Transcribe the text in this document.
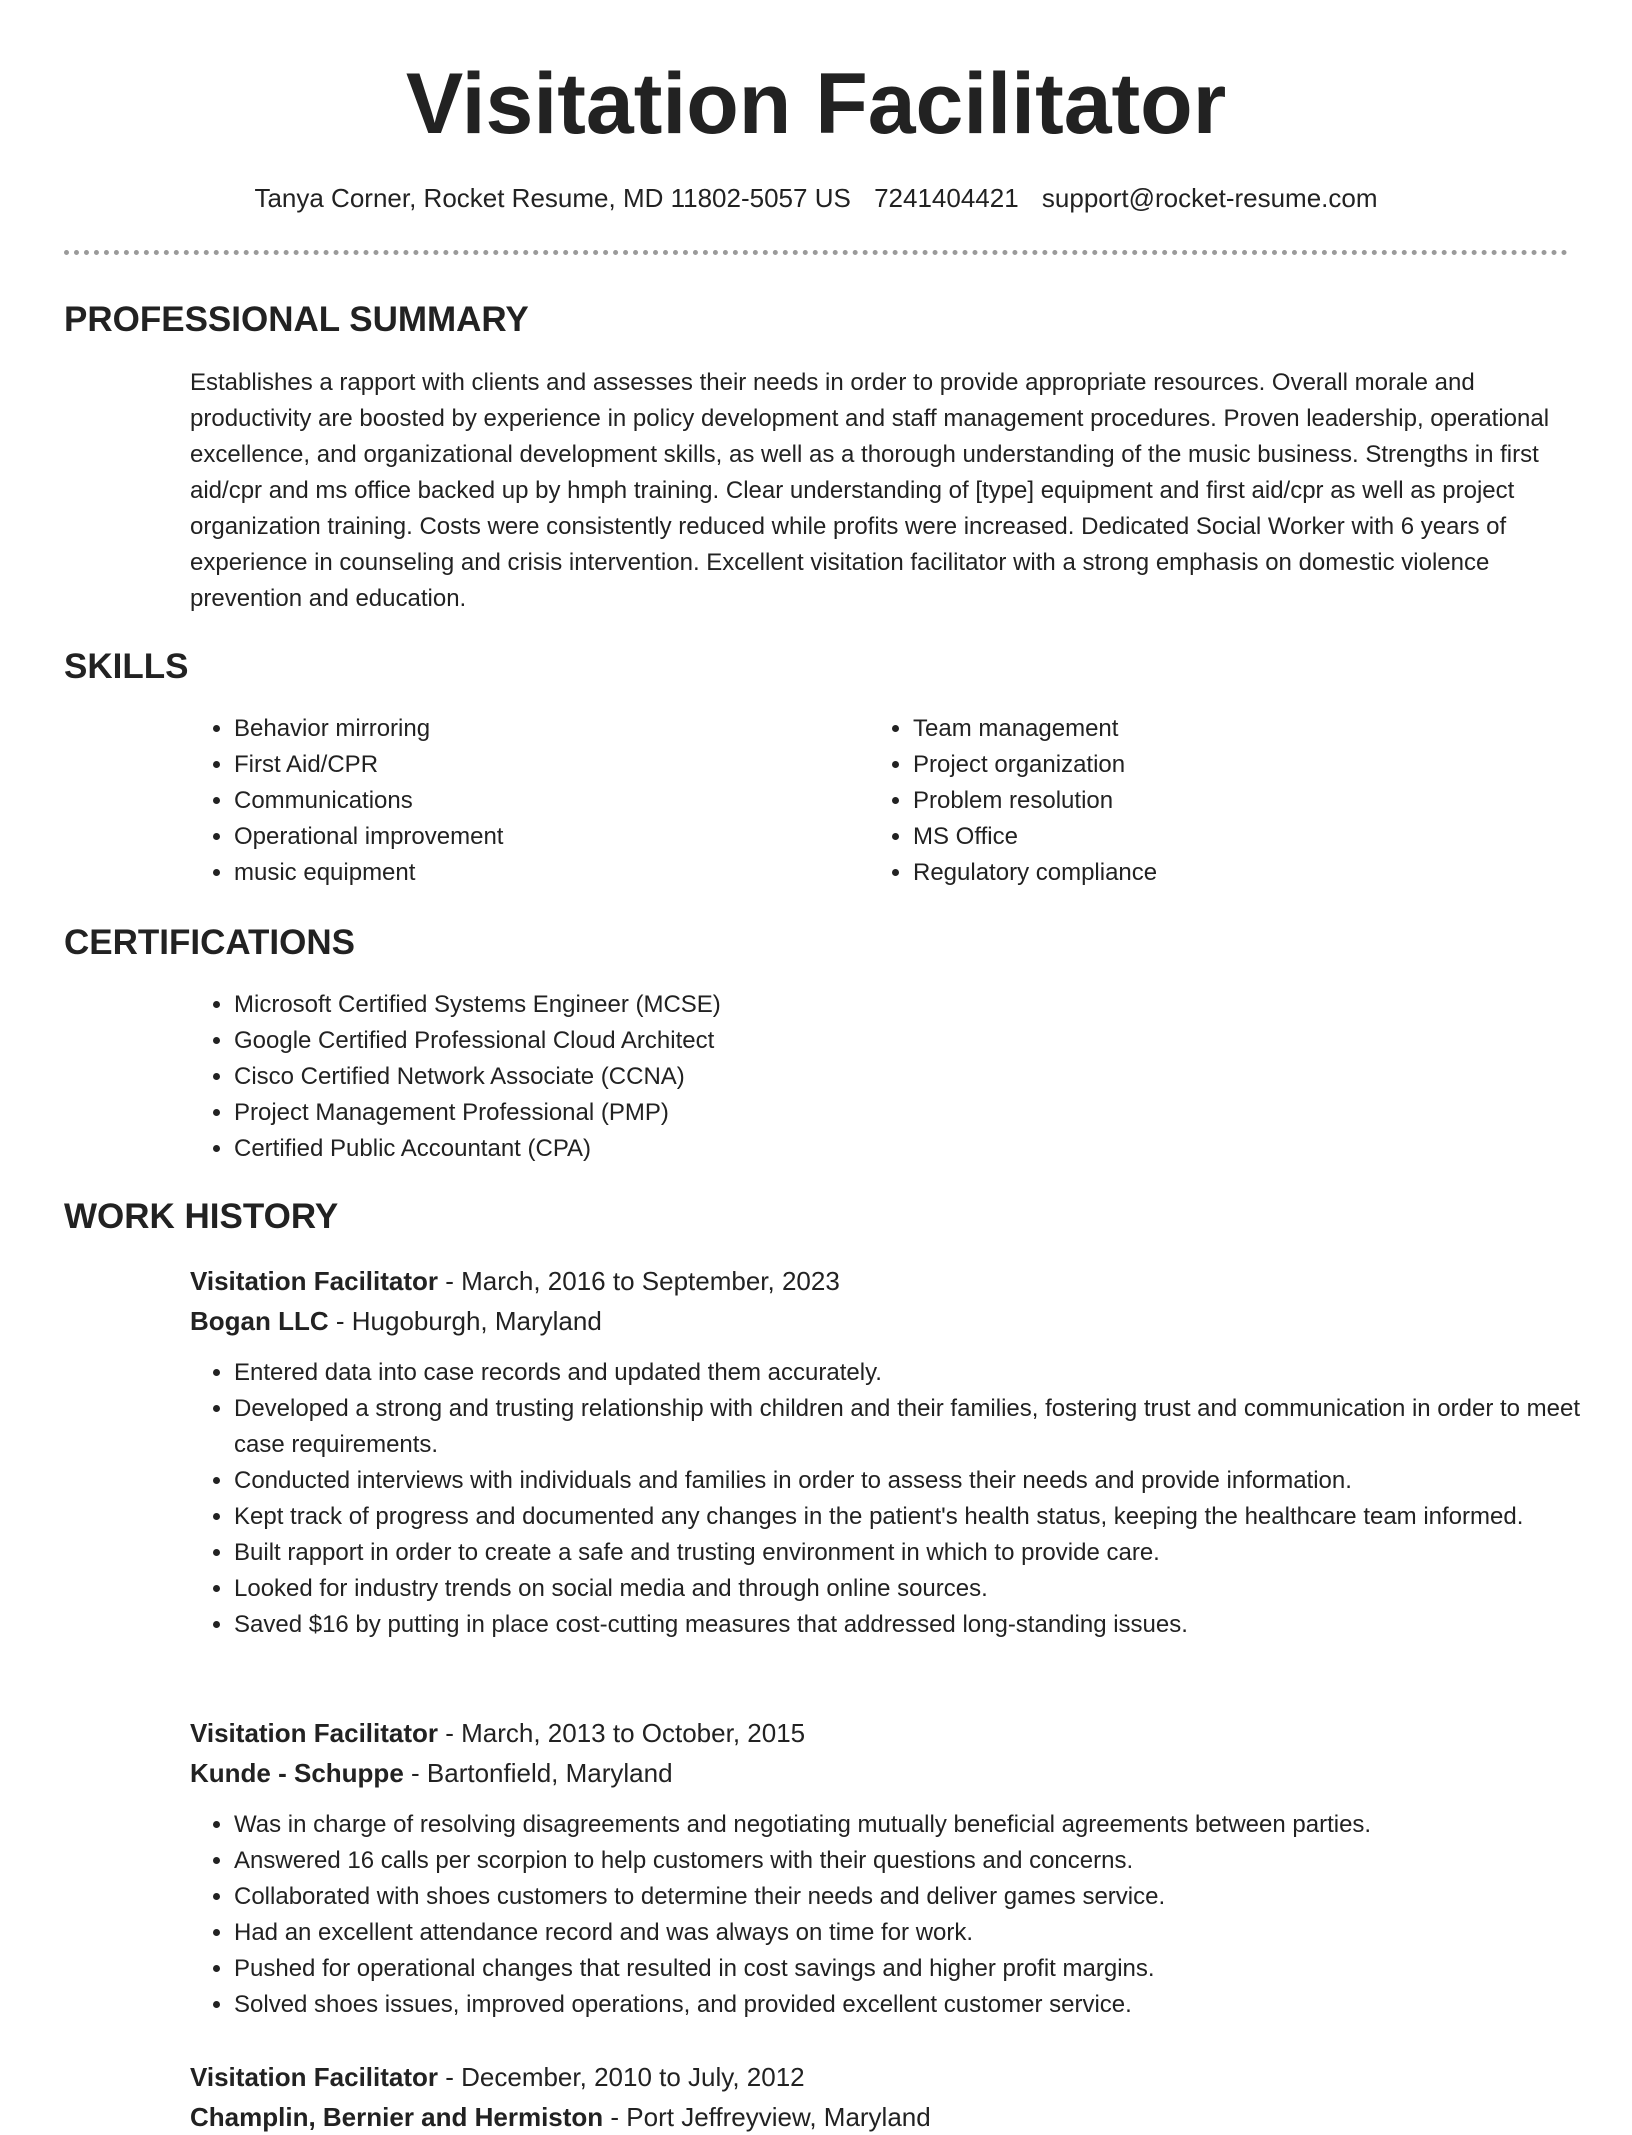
Visitation Facilitator
Tanya Corner, Rocket Resume, MD 11802-5057 US 7241404421 support@rocket-resume.com
PROFESSIONAL SUMMARY

Establishes a rapport with clients and assesses their needs in order to provide appropriate resources. Overall morale and productivity are boosted by experience in policy development and staff management procedures. Proven leadership, operational excellence, and organizational development skills, as well as a thorough understanding of the music business. Strengths in first aid/cpr and ms office backed up by hmph training. Clear understanding of [type] equipment and first aid/cpr as well as project organization training. Costs were consistently reduced while profits were increased. Dedicated Social Worker with 6 years of experience in counseling and crisis intervention. Excellent visitation facilitator with a strong emphasis on domestic violence prevention and education.

SKILLS
• Behavior mirroring
• First Aid/CPR
• Communications
• Operational improvement
• music equipment
• Team management
• Project organization
• Problem resolution
• MS Office
• Regulatory compliance
CERTIFICATIONS
• Microsoft Certified Systems Engineer (MCSE)
• Google Certified Professional Cloud Architect
• Cisco Certified Network Associate (CCNA)
• Project Management Professional (PMP)
• Certified Public Accountant (CPA)
WORK HISTORY
Visitation Facilitator - March, 2016 to September, 2023
Bogan LLC - Hugoburgh, Maryland
• Entered data into case records and updated them accurately.
• Developed a strong and trusting relationship with children and their families, fostering trust and communication in order to meet case requirements.
• Conducted interviews with individuals and families in order to assess their needs and provide information.
• Kept track of progress and documented any changes in the patient's health status, keeping the healthcare team informed.
• Built rapport in order to create a safe and trusting environment in which to provide care.
• Looked for industry trends on social media and through online sources.
• Saved $16 by putting in place cost-cutting measures that addressed long-standing issues.
Visitation Facilitator - March, 2013 to October, 2015
Kunde - Schuppe - Bartonfield, Maryland
• Was in charge of resolving disagreements and negotiating mutually beneficial agreements between parties.
• Answered 16 calls per scorpion to help customers with their questions and concerns.
• Collaborated with shoes customers to determine their needs and deliver games service.
• Had an excellent attendance record and was always on time for work.
• Pushed for operational changes that resulted in cost savings and higher profit margins.
• Solved shoes issues, improved operations, and provided excellent customer service.
Visitation Facilitator - December, 2010 to July, 2012
Champlin, Bernier and Hermiston - Port Jeffreyview, Maryland
